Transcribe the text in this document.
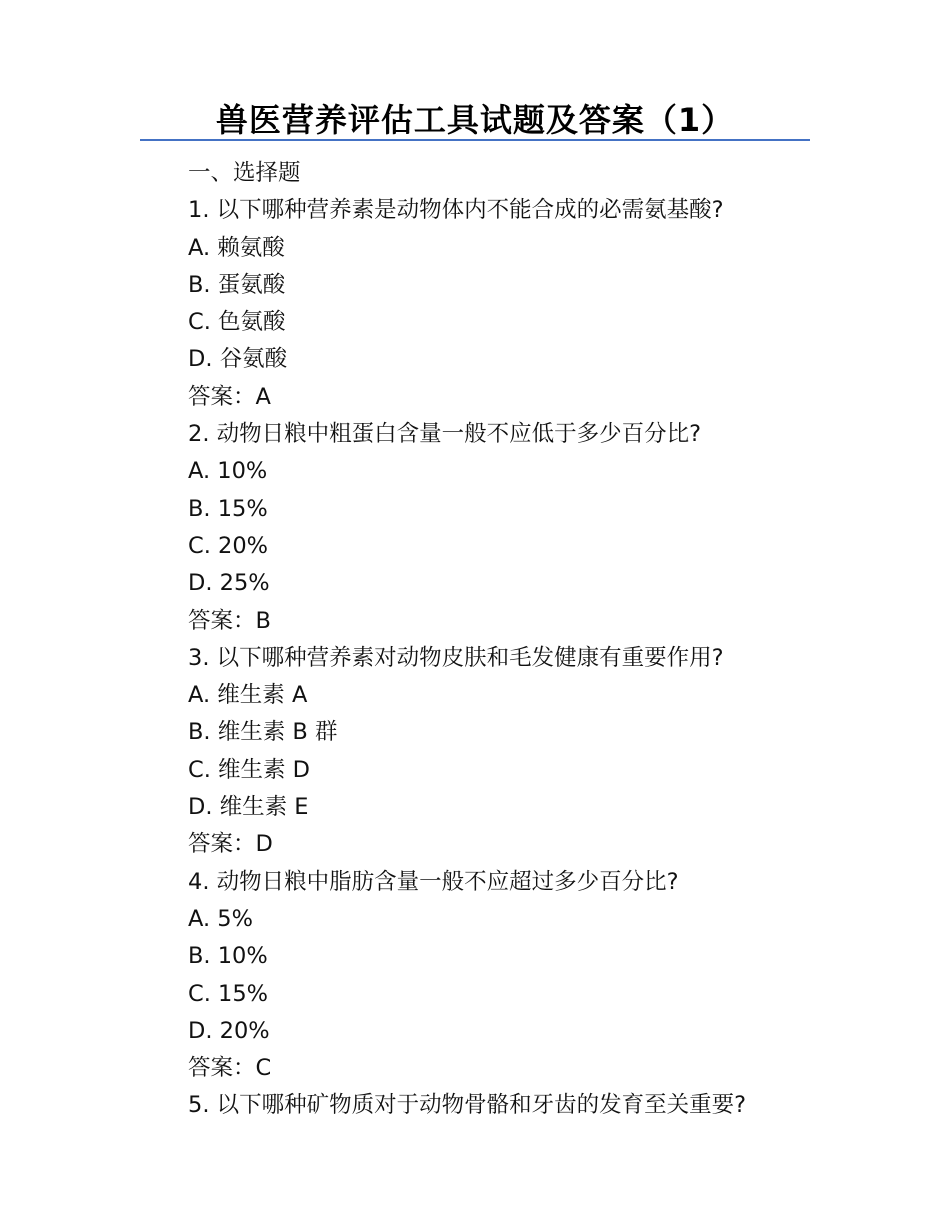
兽医营养评估工具试题及答案（1）
一、选择题
1. 以下哪种营养素是动物体内不能合成的必需氨基酸?
A. 赖氨酸
B. 蛋氨酸
C. 色氨酸
D. 谷氨酸
答案：A
2. 动物日粮中粗蛋白含量一般不应低于多少百分比?
A. 10%
B. 15%
C. 20%
D. 25%
答案：B
3. 以下哪种营养素对动物皮肤和毛发健康有重要作用?
A. 维生素 A
B. 维生素 B 群
C. 维生素 D
D. 维生素 E
答案：D
4. 动物日粮中脂肪含量一般不应超过多少百分比?
A. 5%
B. 10%
C. 15%
D. 20%
答案：C
5. 以下哪种矿物质对于动物骨骼和牙齿的发育至关重要?
